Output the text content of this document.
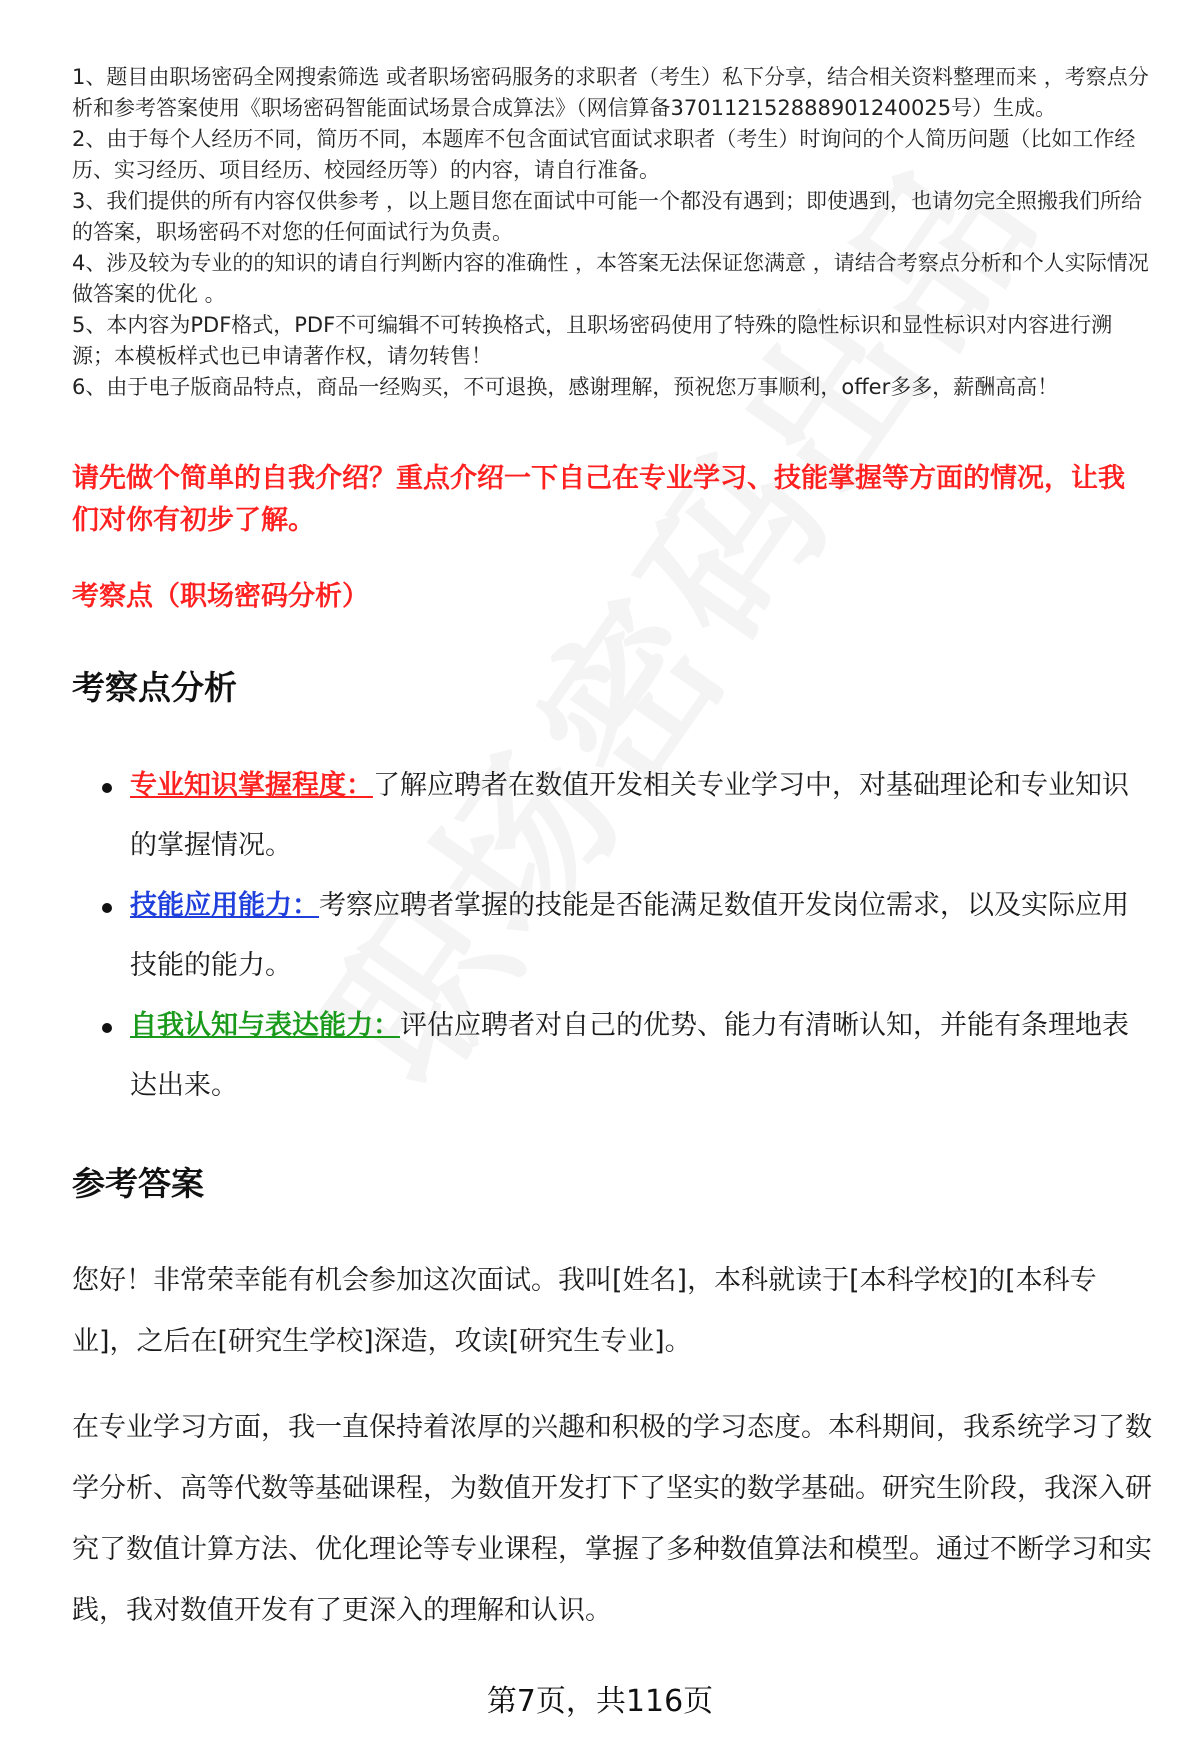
1、题目由职场密码全网搜索筛选 或者职场密码服务的求职者（考生）私下分享，结合相关资料整理而来 ，考察点分析和参考答案使用《职场密码智能面试场景合成算法》（网信算备370112152888901240025号）生成。

2、由于每个人经历不同，简历不同，本题库不包含面试官面试求职者（考生）时询问的个人简历问题（比如工作经历、实习经历、项目经历、校园经历等）的内容，请自行准备。

3、我们提供的所有内容仅供参考 ，以上题目您在面试中可能一个都没有遇到；即使遇到，也请勿完全照搬我们所给的答案，职场密码不对您的任何面试行为负责。

4、涉及较为专业的的知识的请自行判断内容的准确性 ，本答案无法保证您满意 ，请结合考察点分析和个人实际情况做答案的优化 。

5、本内容为PDF格式，PDF不可编辑不可转换格式，且职场密码使用了特殊的隐性标识和显性标识对内容进行溯源；本模板样式也已申请著作权，请勿转售！

6、由于电子版商品特点，商品一经购买，不可退换，感谢理解，预祝您万事顺利，offer多多，薪酬高高！

请先做个简单的自我介绍？重点介绍一下自己在专业学习、技能掌握等方面的情况，让我们对你有初步了解。
考察点（职场密码分析）
考察点分析
专业知识掌握程度：了解应聘者在数值开发相关专业学习中，对基础理论和专业知识的掌握情况。
技能应用能力：考察应聘者掌握的技能是否能满足数值开发岗位需求，以及实际应用技能的能力。
自我认知与表达能力：评估应聘者对自己的优势、能力有清晰认知，并能有条理地表达出来。
参考答案

您好！非常荣幸能有机会参加这次面试。我叫[姓名]，本科就读于[本科学校]的[本科专业]，之后在[研究生学校]深造，攻读[研究生专业]。

在专业学习方面，我一直保持着浓厚的兴趣和积极的学习态度。本科期间，我系统学习了数学分析、高等代数等基础课程，为数值开发打下了坚实的数学基础。研究生阶段，我深入研究了数值计算方法、优化理论等专业课程，掌握了多种数值算法和模型。通过不断学习和实践，我对数值开发有了更深入的理解和认识。

第7页，共116页
